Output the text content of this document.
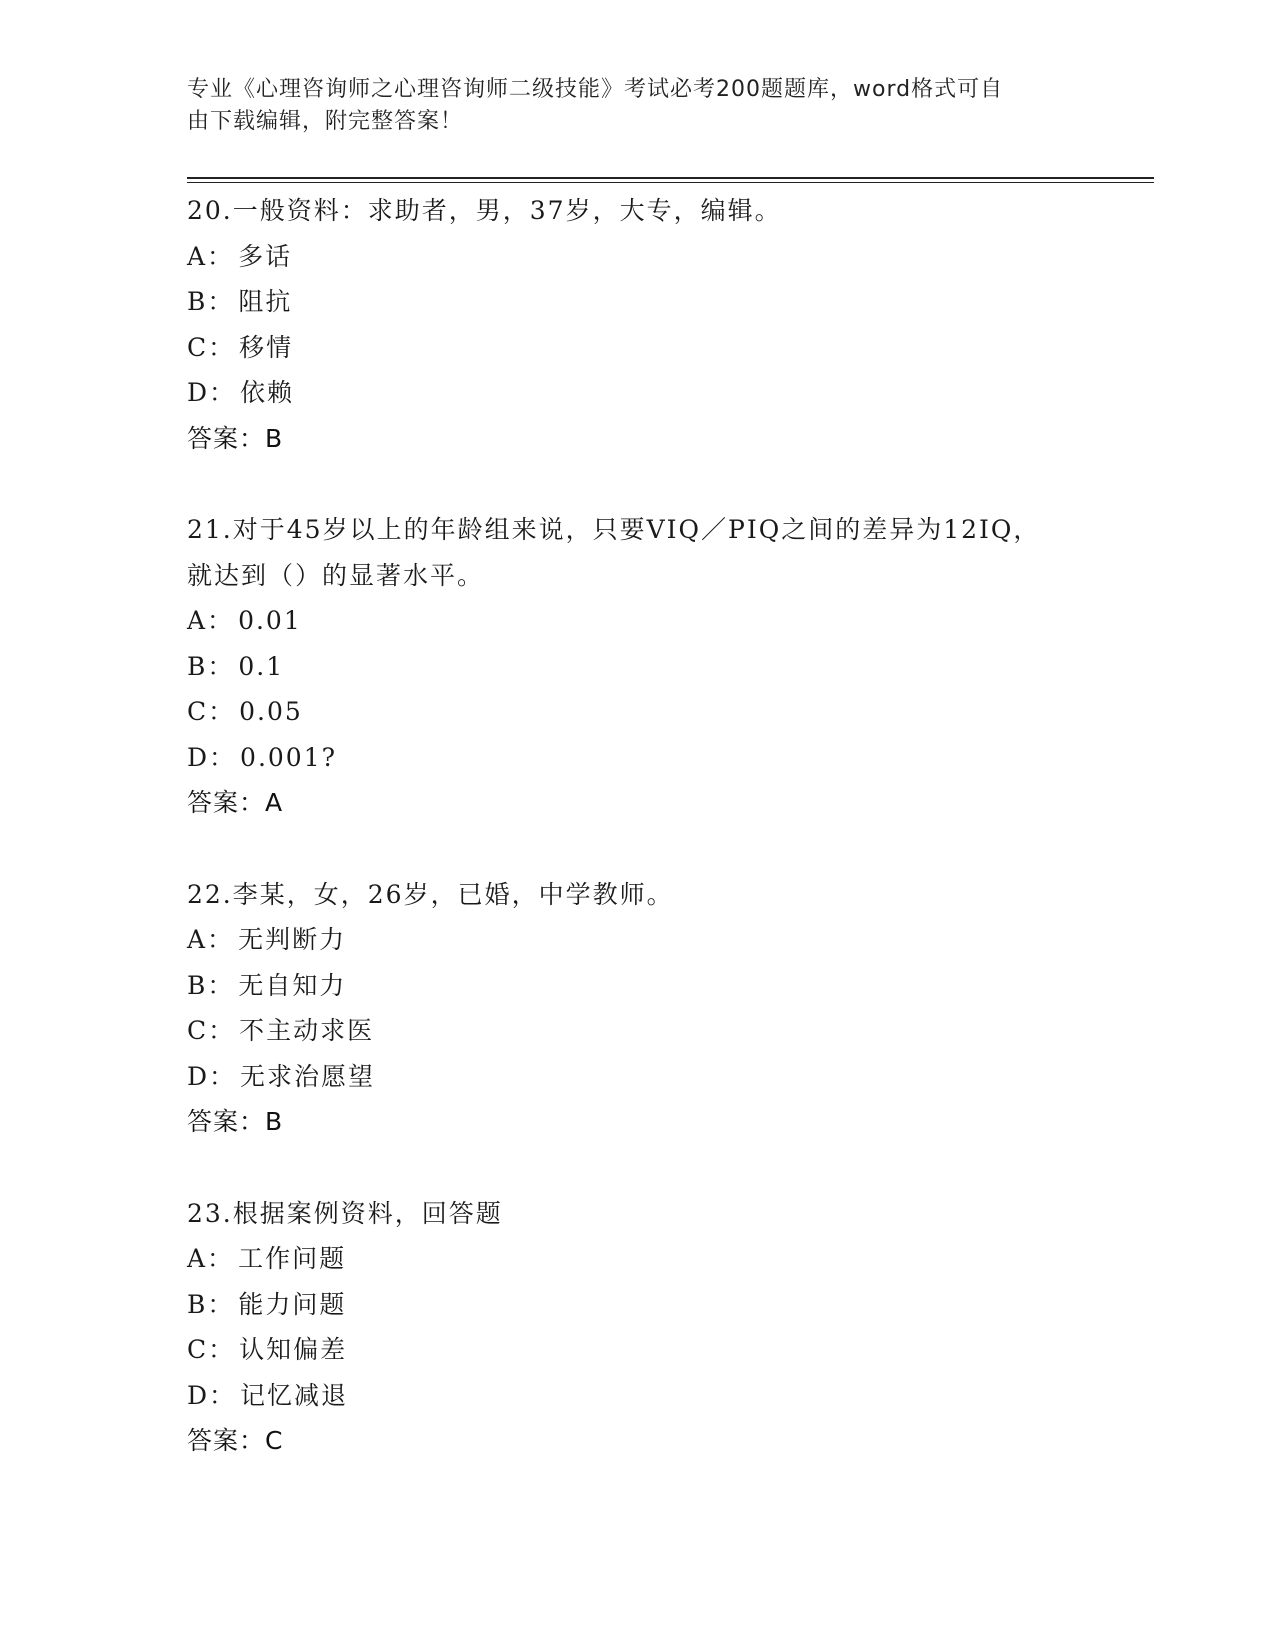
专业《心理咨询师之心理咨询师二级技能》考试必考200题题库，word格式可自
由下载编辑，附完整答案！
20.一般资料：求助者，男，37岁，大专，编辑。
A： 多话
B： 阻抗
C： 移情
D： 依赖
答案：B
21.对于45岁以上的年龄组来说，只要VIQ／PIQ之间的差异为12IQ，
就达到（）的显著水平。
A： 0.01
B： 0.1
C： 0.05
D： 0.001?
答案：A
22.李某，女，26岁，已婚，中学教师。
A： 无判断力
B： 无自知力
C： 不主动求医
D： 无求治愿望
答案：B
23.根据案例资料，回答题
A： 工作问题
B： 能力问题
C： 认知偏差
D： 记忆减退
答案：C
